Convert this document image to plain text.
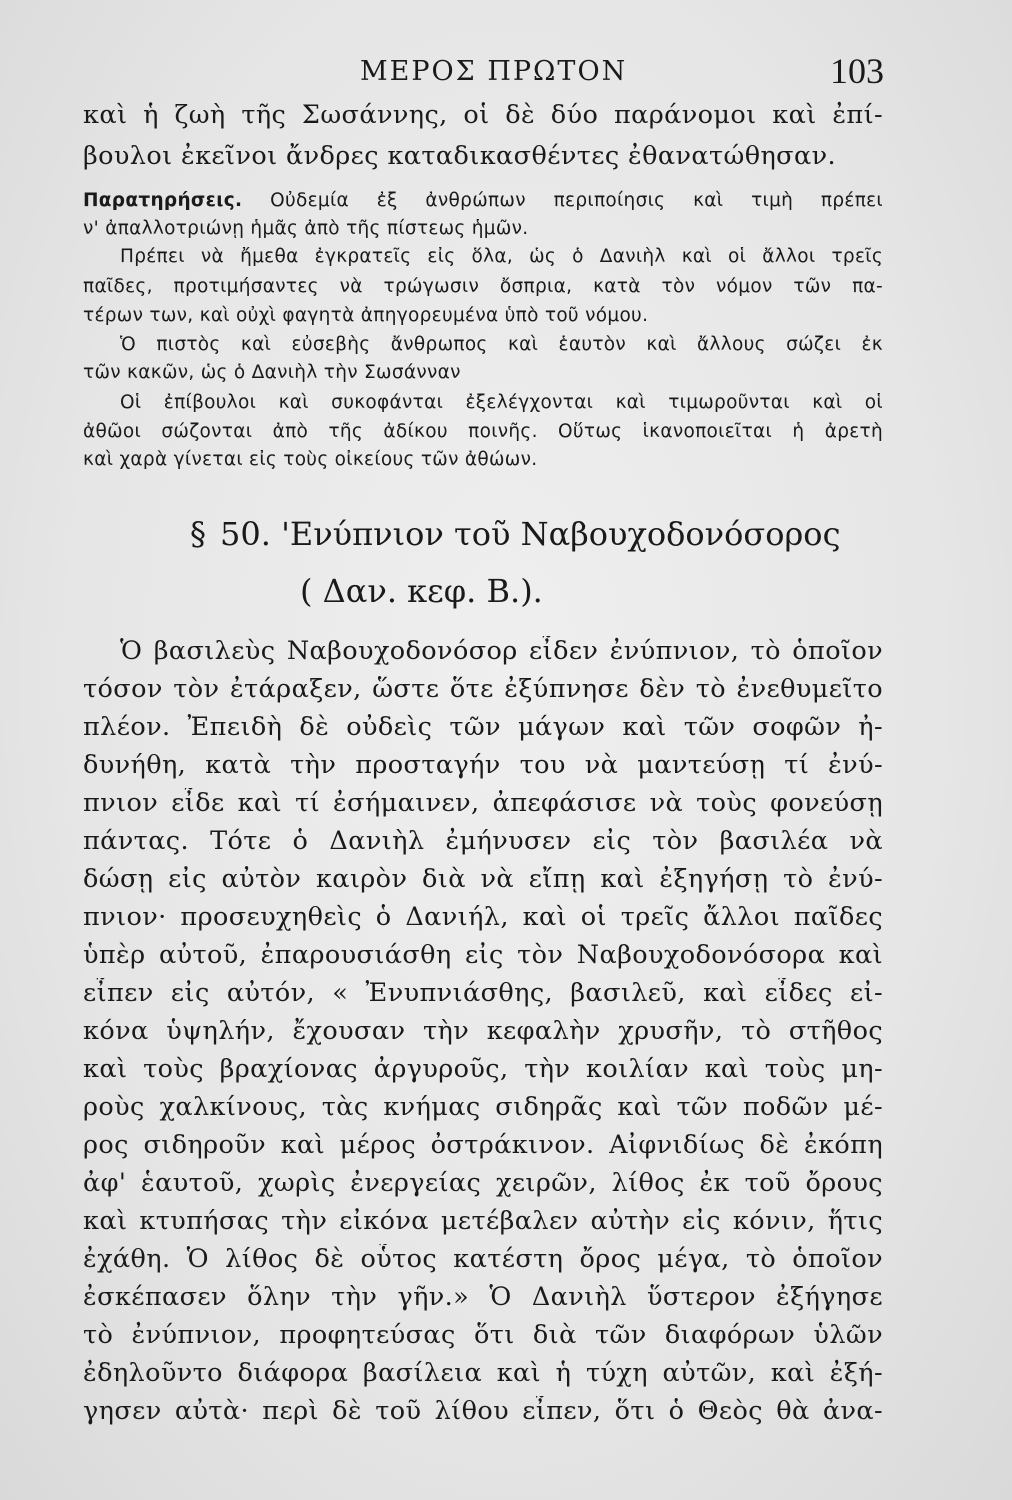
ΜΕΡΟΣ ΠΡΩΤΟΝ	103
καὶ ἡ ζωὴ τῆς Σωσάννης, οἱ δὲ δύο παράνομοι καὶ ἐπί-
βουλοι ἐκεῖνοι ἄνδρες καταδικασθέντες ἐθανατώθησαν.
Παρατηρήσεις. Οὐδεμία ἐξ ἀνθρώπων περιποίησις καὶ τιμὴ πρέπει
ν' ἀπαλλοτριώνῃ ἡμᾶς ἀπὸ τῆς πίστεως ἡμῶν.
Πρέπει νὰ ἤμεθα ἐγκρατεῖς εἰς ὅλα, ὡς ὁ Δανιὴλ καὶ οἱ ἄλλοι τρεῖς
παῖδες, προτιμήσαντες νὰ τρώγωσιν ὄσπρια, κατὰ τὸν νόμον τῶν πα-
τέρων των, καὶ οὐχὶ φαγητὰ ἀπηγορευμένα ὑπὸ τοῦ νόμου.
Ὁ πιστὸς καὶ εὐσεβὴς ἄνθρωπος καὶ ἑαυτὸν καὶ ἄλλους σώζει ἐκ
τῶν κακῶν, ὡς ὁ Δανιὴλ τὴν Σωσάνναν
Οἱ ἐπίβουλοι καὶ συκοφάνται ἐξελέγχονται καὶ τιμωροῦνται καὶ οἱ
ἀθῶοι σώζονται ἀπὸ τῆς ἀδίκου ποινῆς. Οὕτως ἱκανοποιεῖται ἡ ἀρετὴ
καὶ χαρὰ γίνεται εἰς τοὺς οἰκείους τῶν ἀθώων.
§ 50. 'Ενύπνιον τοῦ Ναβουχοδονόσορος
( Δαν. κεφ. Β.).
Ὁ βασιλεὺς Ναβουχοδονόσορ εἶδεν ἐνύπνιον, τὸ ὁποῖον
τόσον τὸν ἐτάραξεν, ὥστε ὅτε ἐξύπνησε δὲν τὸ ἐνεθυμεῖτο
πλέον. Ἐπειδὴ δὲ οὐδεὶς τῶν μάγων καὶ τῶν σοφῶν ἠ-
δυνήθη, κατὰ τὴν προσταγήν του νὰ μαντεύσῃ τί ἐνύ-
πνιον εἶδε καὶ τί ἐσήμαινεν, ἀπεφάσισε νὰ τοὺς φονεύσῃ
πάντας. Τότε ὁ Δανιὴλ ἐμήνυσεν εἰς τὸν βασιλέα νὰ
δώσῃ εἰς αὐτὸν καιρὸν διὰ νὰ εἴπῃ καὶ ἐξηγήσῃ τὸ ἐνύ-
πνιον· προσευχηθεὶς ὁ Δανιήλ, καὶ οἱ τρεῖς ἄλλοι παῖδες
ὑπὲρ αὐτοῦ, ἐπαρουσιάσθη εἰς τὸν Ναβουχοδονόσορα καὶ
εἶπεν εἰς αὐτόν, « Ἐνυπνιάσθης, βασιλεῦ, καὶ εἶδες εἰ-
κόνα ὑψηλήν, ἔχουσαν τὴν κεφαλὴν χρυσῆν, τὸ στῆθος
καὶ τοὺς βραχίονας ἀργυροῦς, τὴν κοιλίαν καὶ τοὺς μη-
ροὺς χαλκίνους, τὰς κνήμας σιδηρᾶς καὶ τῶν ποδῶν μέ-
ρος σιδηροῦν καὶ μέρος ὀστράκινον. Αἰφνιδίως δὲ ἐκόπη
ἀφ' ἑαυτοῦ, χωρὶς ἐνεργείας χειρῶν, λίθος ἐκ τοῦ ὄρους
καὶ κτυπήσας τὴν εἰκόνα μετέβαλεν αὐτὴν εἰς κόνιν, ἥτις
ἐχάθη. Ὁ λίθος δὲ οὗτος κατέστη ὄρος μέγα, τὸ ὁποῖον
ἐσκέπασεν ὅλην τὴν γῆν.» Ὁ Δανιὴλ ὕστερον ἐξήγησε
τὸ ἐνύπνιον, προφητεύσας ὅτι διὰ τῶν διαφόρων ὑλῶν
ἐδηλοῦντο διάφορα βασίλεια καὶ ἡ τύχη αὐτῶν, καὶ ἐξή-
γησεν αὐτὰ· περὶ δὲ τοῦ λίθου εἶπεν, ὅτι ὁ Θεὸς θὰ ἀνα-
